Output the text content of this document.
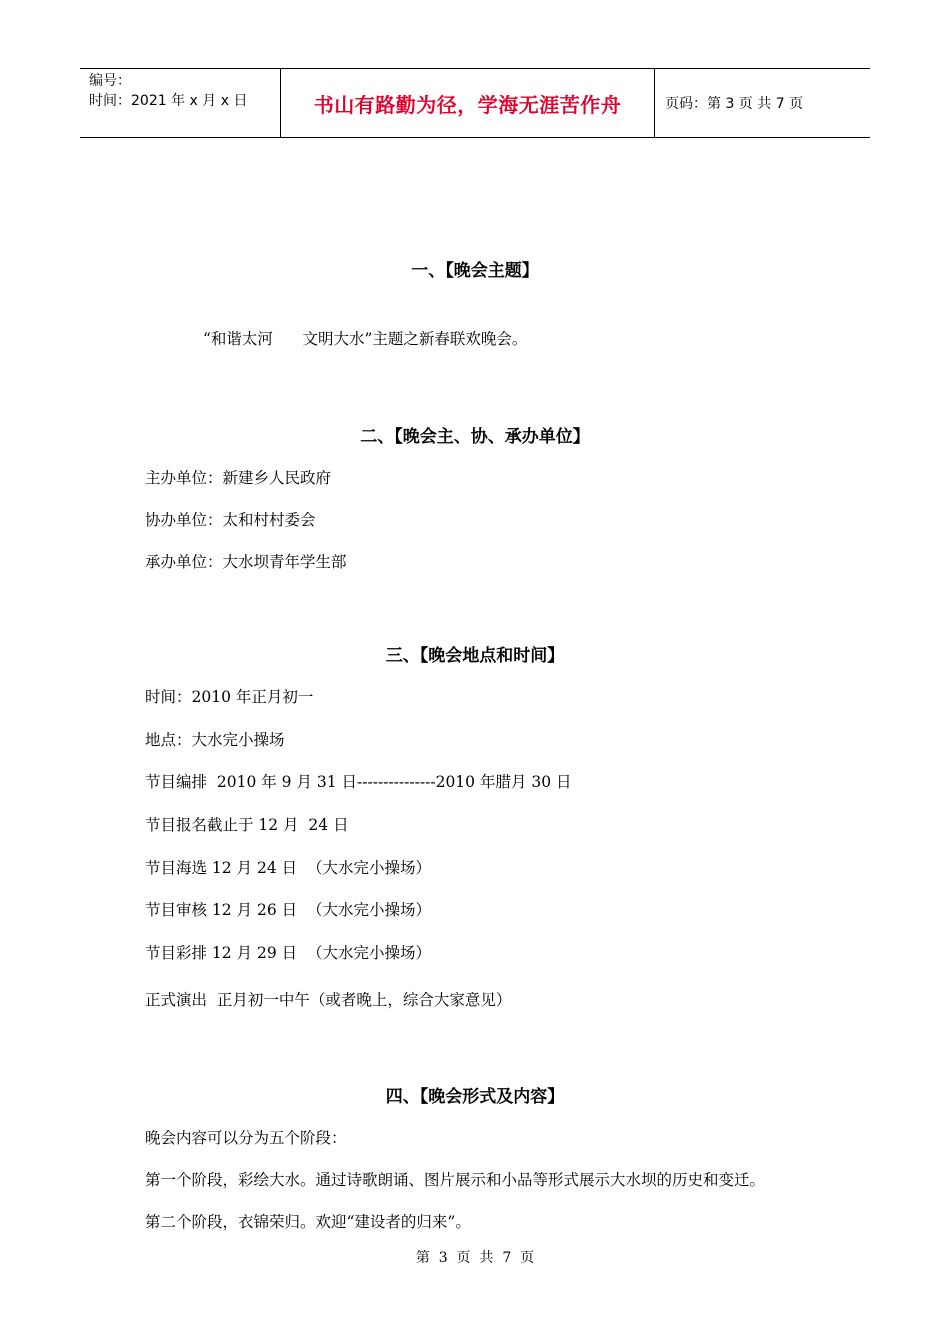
编号：
时间：2021 年 x 月 x 日	书山有路勤为径，学海无涯苦作舟	页码：第 3 页 共 7 页
一、【晚会主题】
“和谐太河      文明大水”主题之新春联欢晚会。
二、【晚会主、协、承办单位】
主办单位：新建乡人民政府
协办单位：太和村村委会
承办单位：大水坝青年学生部
三、【晚会地点和时间】
时间：2010 年正月初一
地点：大水完小操场
节目编排  2010 年 9 月 31 日---------------2010 年腊月 30 日
节目报名截止于 12 月  24 日
节目海选 12 月 24 日  （大水完小操场）
节目审核 12 月 26 日  （大水完小操场）
节目彩排 12 月 29 日  （大水完小操场）
正式演出  正月初一中午（或者晚上，综合大家意见）
四、【晚会形式及内容】
晚会内容可以分为五个阶段：
第一个阶段，彩绘大水。通过诗歌朗诵、图片展示和小品等形式展示大水坝的历史和变迁。
第二个阶段，衣锦荣归。欢迎“建设者的归来”。
第  3  页  共  7  页
